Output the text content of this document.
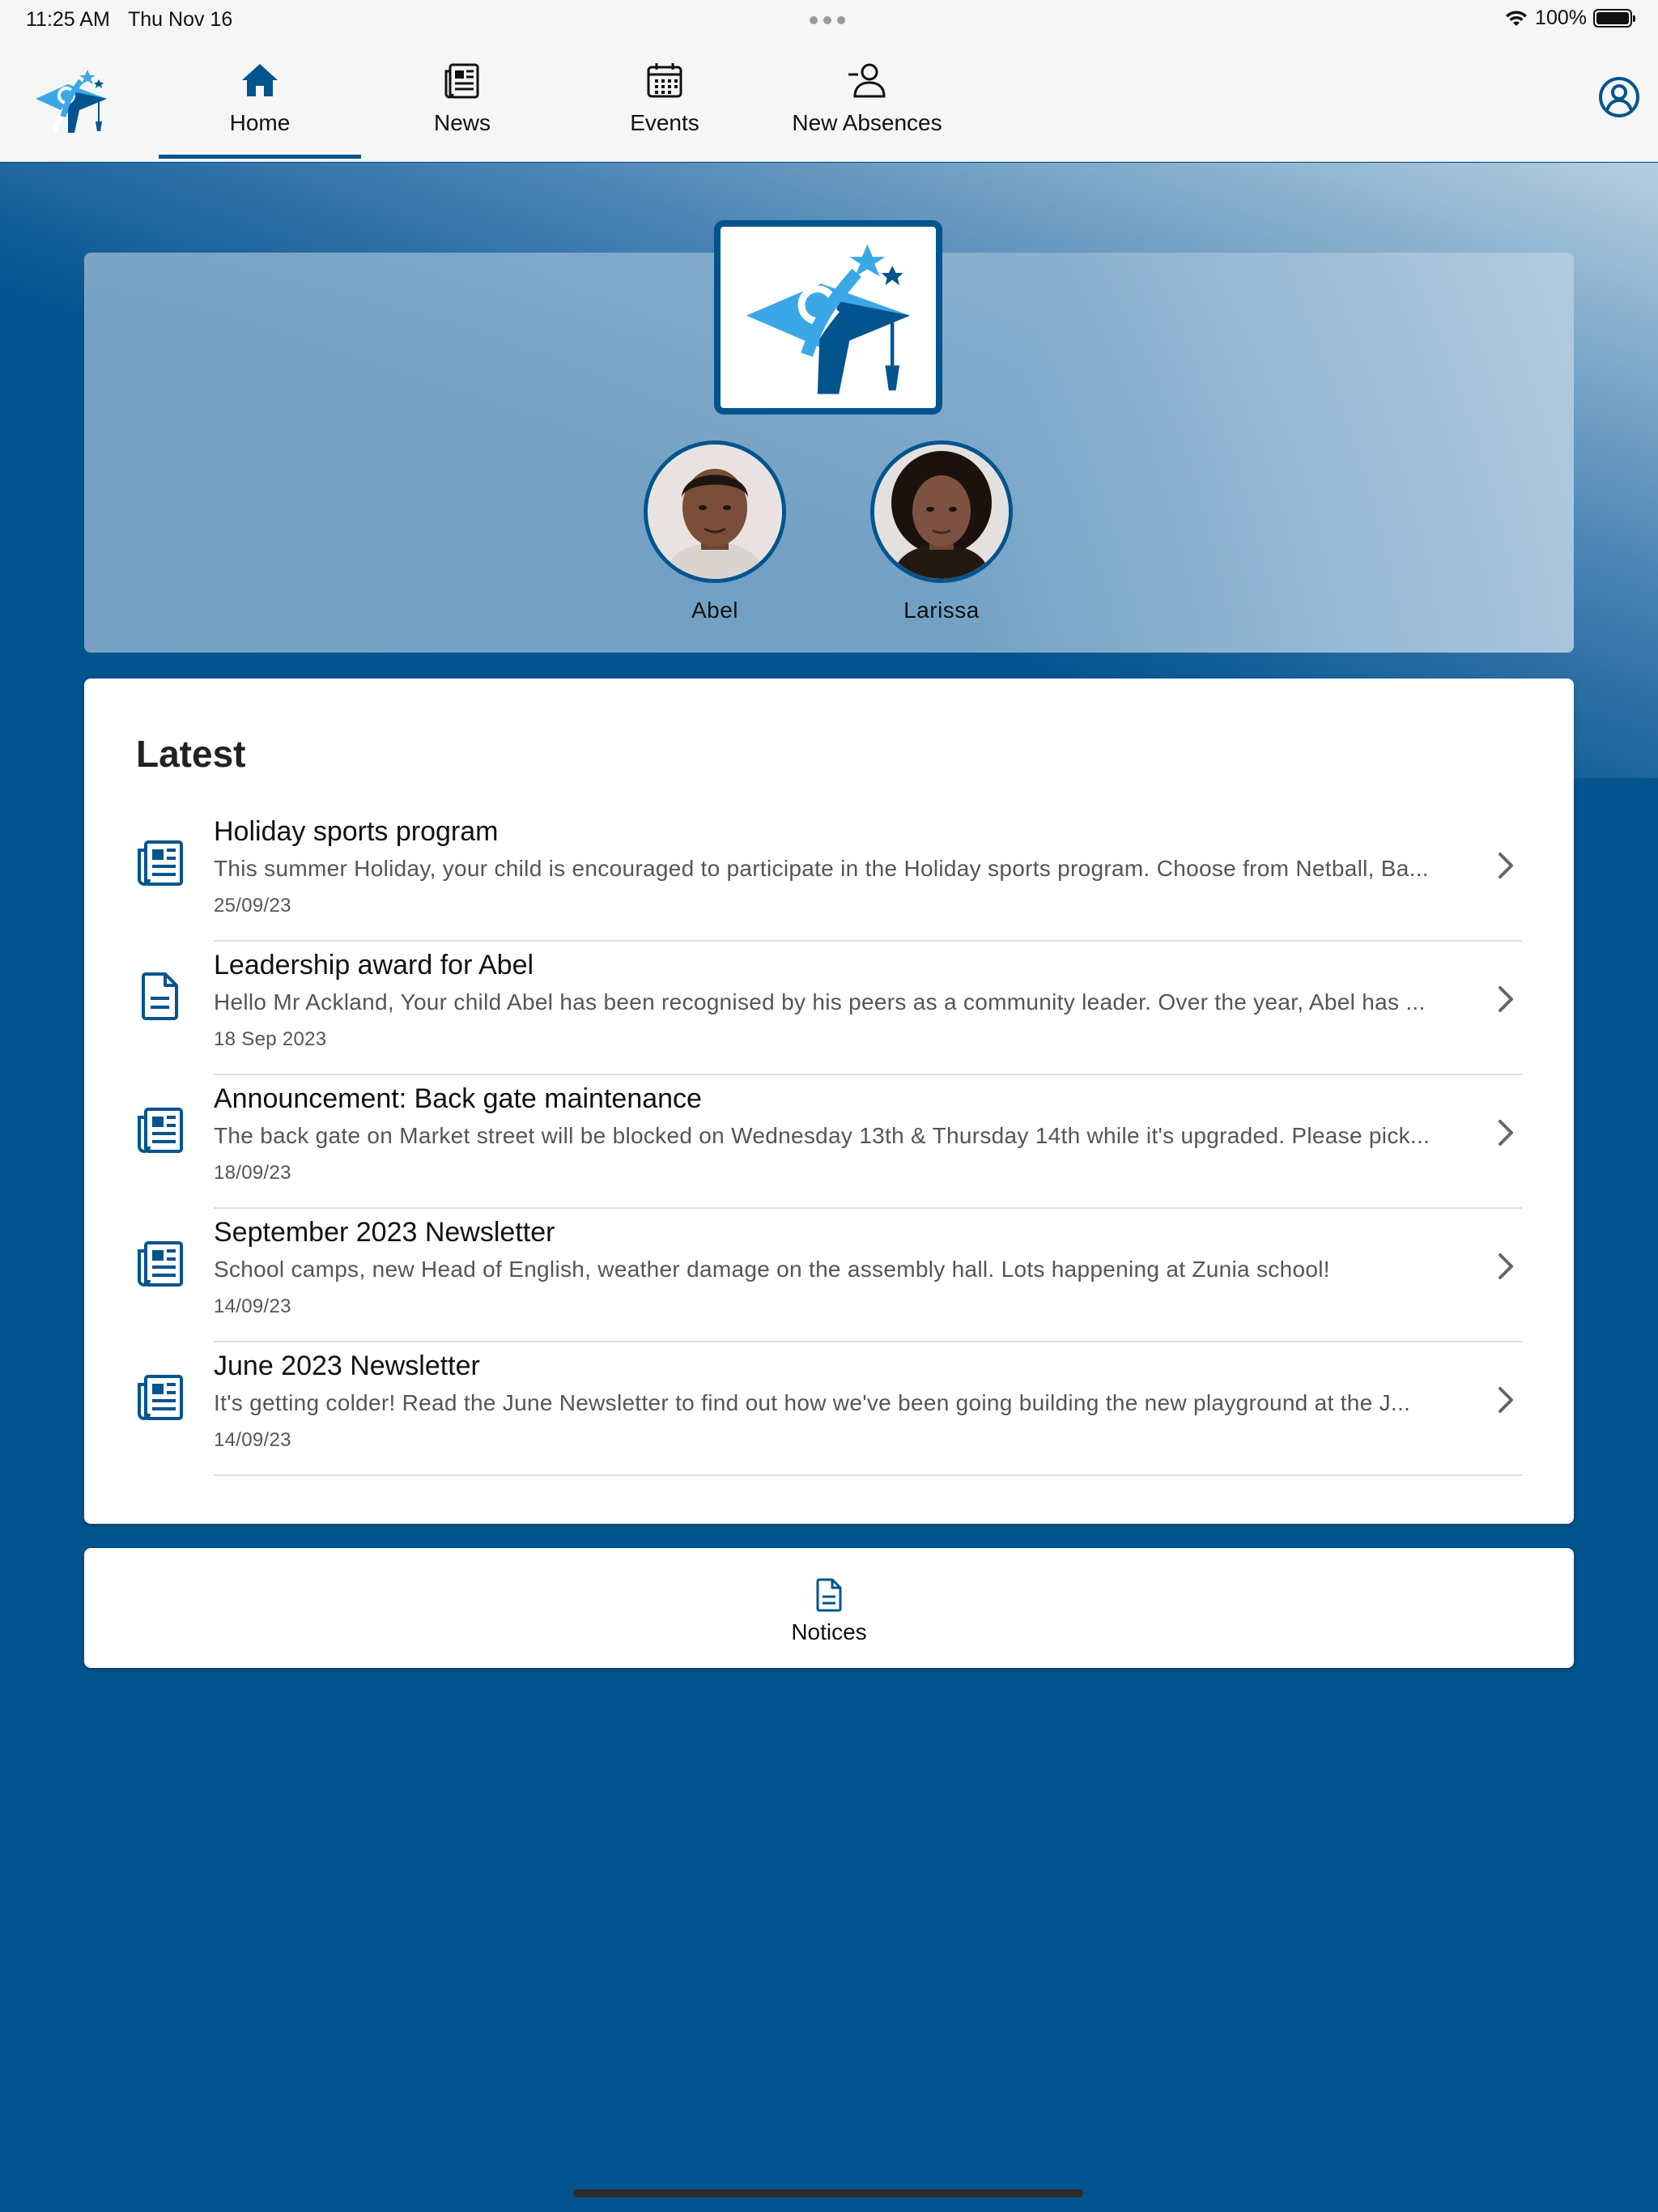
11:25 AM Thu Nov 16	100%
Home	News	Events	New Absences
Abel	Larissa
Latest
Holiday sports program
This summer Holiday, your child is encouraged to participate in the Holiday sports program. Choose from Netball, Ba...
25/09/23
Leadership award for Abel
Hello Mr Ackland, Your child Abel has been recognised by his peers as a community leader. Over the year, Abel has ...
18 Sep 2023
Announcement: Back gate maintenance
The back gate on Market street will be blocked on Wednesday 13th & Thursday 14th while it's upgraded. Please pick...
18/09/23
September 2023 Newsletter
School camps, new Head of English, weather damage on the assembly hall. Lots happening at Zunia school!
14/09/23
June 2023 Newsletter
It's getting colder! Read the June Newsletter to find out how we've been going building the new playground at the J...
14/09/23
Notices
